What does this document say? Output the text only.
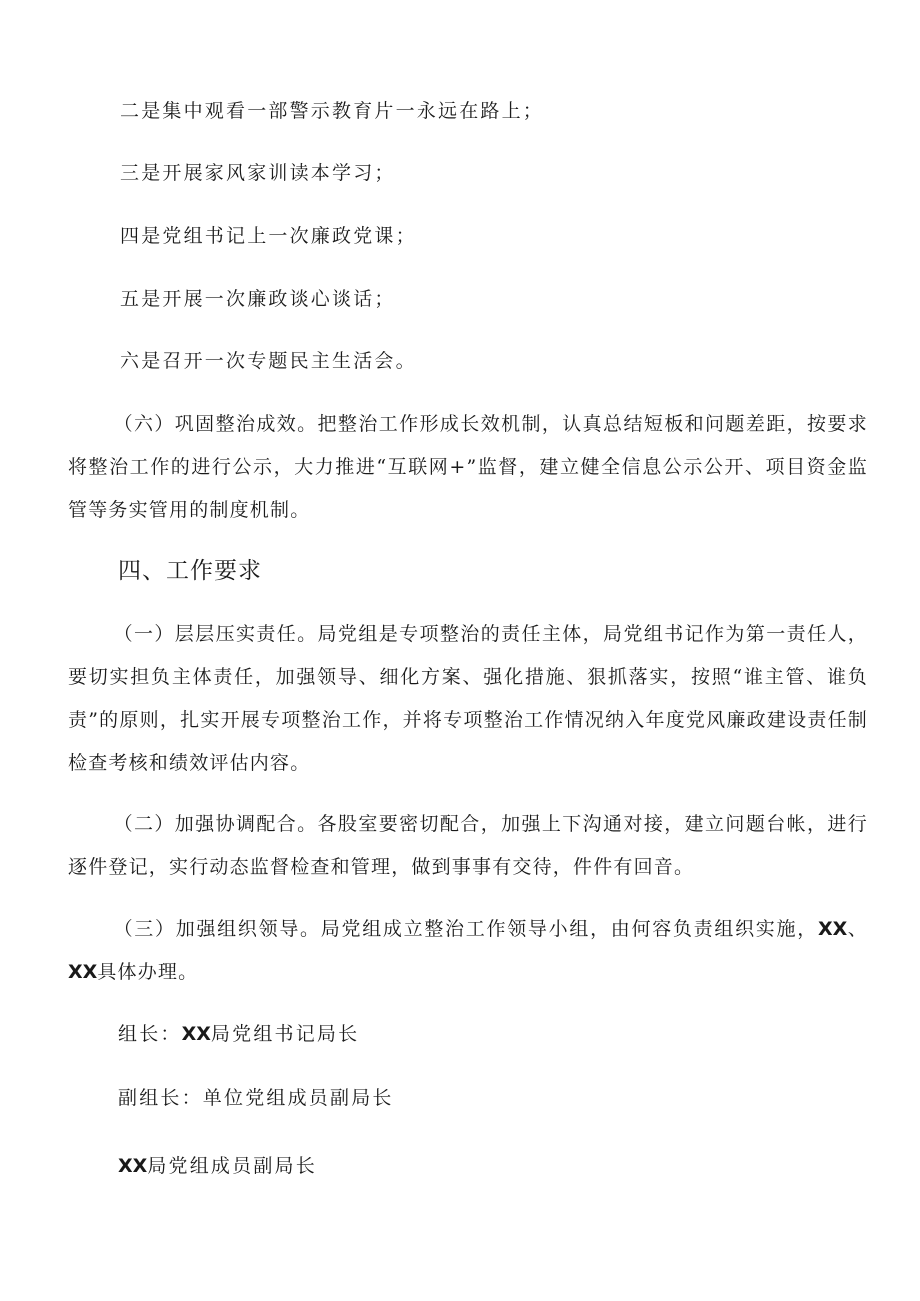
二是集中观看一部警示教育片一永远在路上；
三是开展家风家训读本学习；
四是党组书记上一次廉政党课；
五是开展一次廉政谈心谈话；
六是召开一次专题民主生活会。
（六）巩固整治成效。把整治工作形成长效机制，认真总结短板和问题差距，按要求将整治工作的进行公示，大力推进“互联网+”监督，建立健全信息公示公开、项目资金监管等务实管用的制度机制。
四、工作要求
（一）层层压实责任。局党组是专项整治的责任主体，局党组书记作为第一责任人，要切实担负主体责任，加强领导、细化方案、强化措施、狠抓落实，按照“谁主管、谁负责”的原则，扎实开展专项整治工作，并将专项整治工作情况纳入年度党风廉政建设责任制检查考核和绩效评估内容。
（二）加强协调配合。各股室要密切配合，加强上下沟通对接，建立问题台帐，进行逐件登记，实行动态监督检查和管理，做到事事有交待，件件有回音。
（三）加强组织领导。局党组成立整治工作领导小组，由何容负责组织实施，XX、XX具体办理。
组长：XX局党组书记局长
副组长：单位党组成员副局长
XX局党组成员副局长
